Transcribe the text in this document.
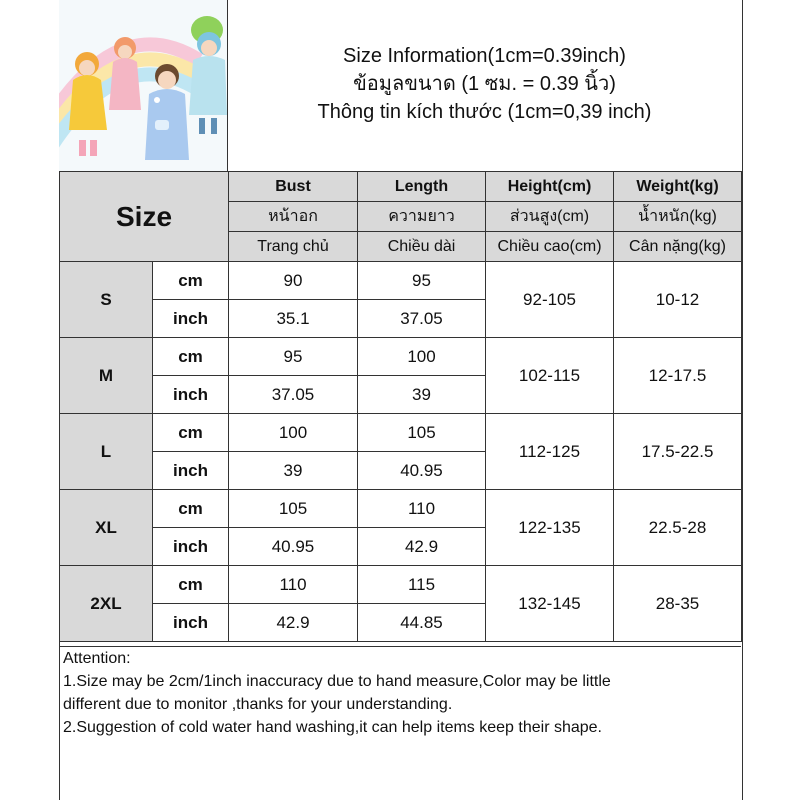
Size Information(1cm=0.39inch)
ข้อมูลขนาด (1 ซม. = 0.39 นิ้ว)
Thông tin kích thước (1cm=0,39 inch)
Size		Bust	Length	Height(cm)	Weight(kg)
		หน้าอก	ความยาว	ส่วนสูง(cm)	น้ำหนัก(kg)
		Trang chủ	Chiều dài	Chiều cao(cm)	Cân nặng(kg)
S	cm	90	95	92-105	10-12
	inch	35.1	37.05		
M	cm	95	100	102-115	12-17.5
	inch	37.05	39		
L	cm	100	105	112-125	17.5-22.5
	inch	39	40.95		
XL	cm	105	110	122-135	22.5-28
	inch	40.95	42.9		
2XL	cm	110	115	132-145	28-35
	inch	42.9	44.85		

Attention:

1.Size may be 2cm/1inch inaccuracy due to hand measure,Color may be little

different due to monitor ,thanks for your understanding.

2.Suggestion of cold water hand washing,it can help items keep their shape.
